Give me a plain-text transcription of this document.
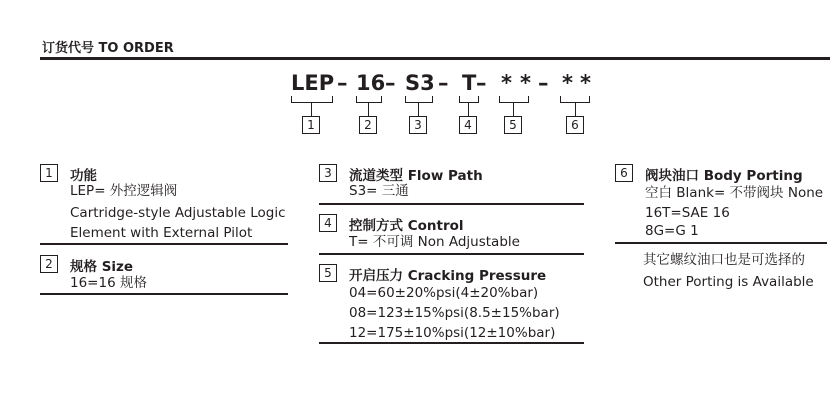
订货代号 TO ORDER
LEP – 16 – S3 – T – * * – * *
1	2	3	4	5	6
1	功能
LEP= 外控逻辑阀
Cartridge-style Adjustable Logic
Element with External Pilot
2	规格 Size
16=16 规格
3	流道类型 Flow Path
S3= 三通
4	控制方式 Control
T= 不可调 Non Adjustable
5	开启压力 Cracking Pressure
04=60±20%psi(4±20%bar)
08=123±15%psi(8.5±15%bar)
12=175±10%psi(12±10%bar)
6	阀块油口 Body Porting
空白 Blank= 不带阀块 None
16T=SAE 16
8G=G 1
其它螺纹油口也是可选择的
Other Porting is Available
